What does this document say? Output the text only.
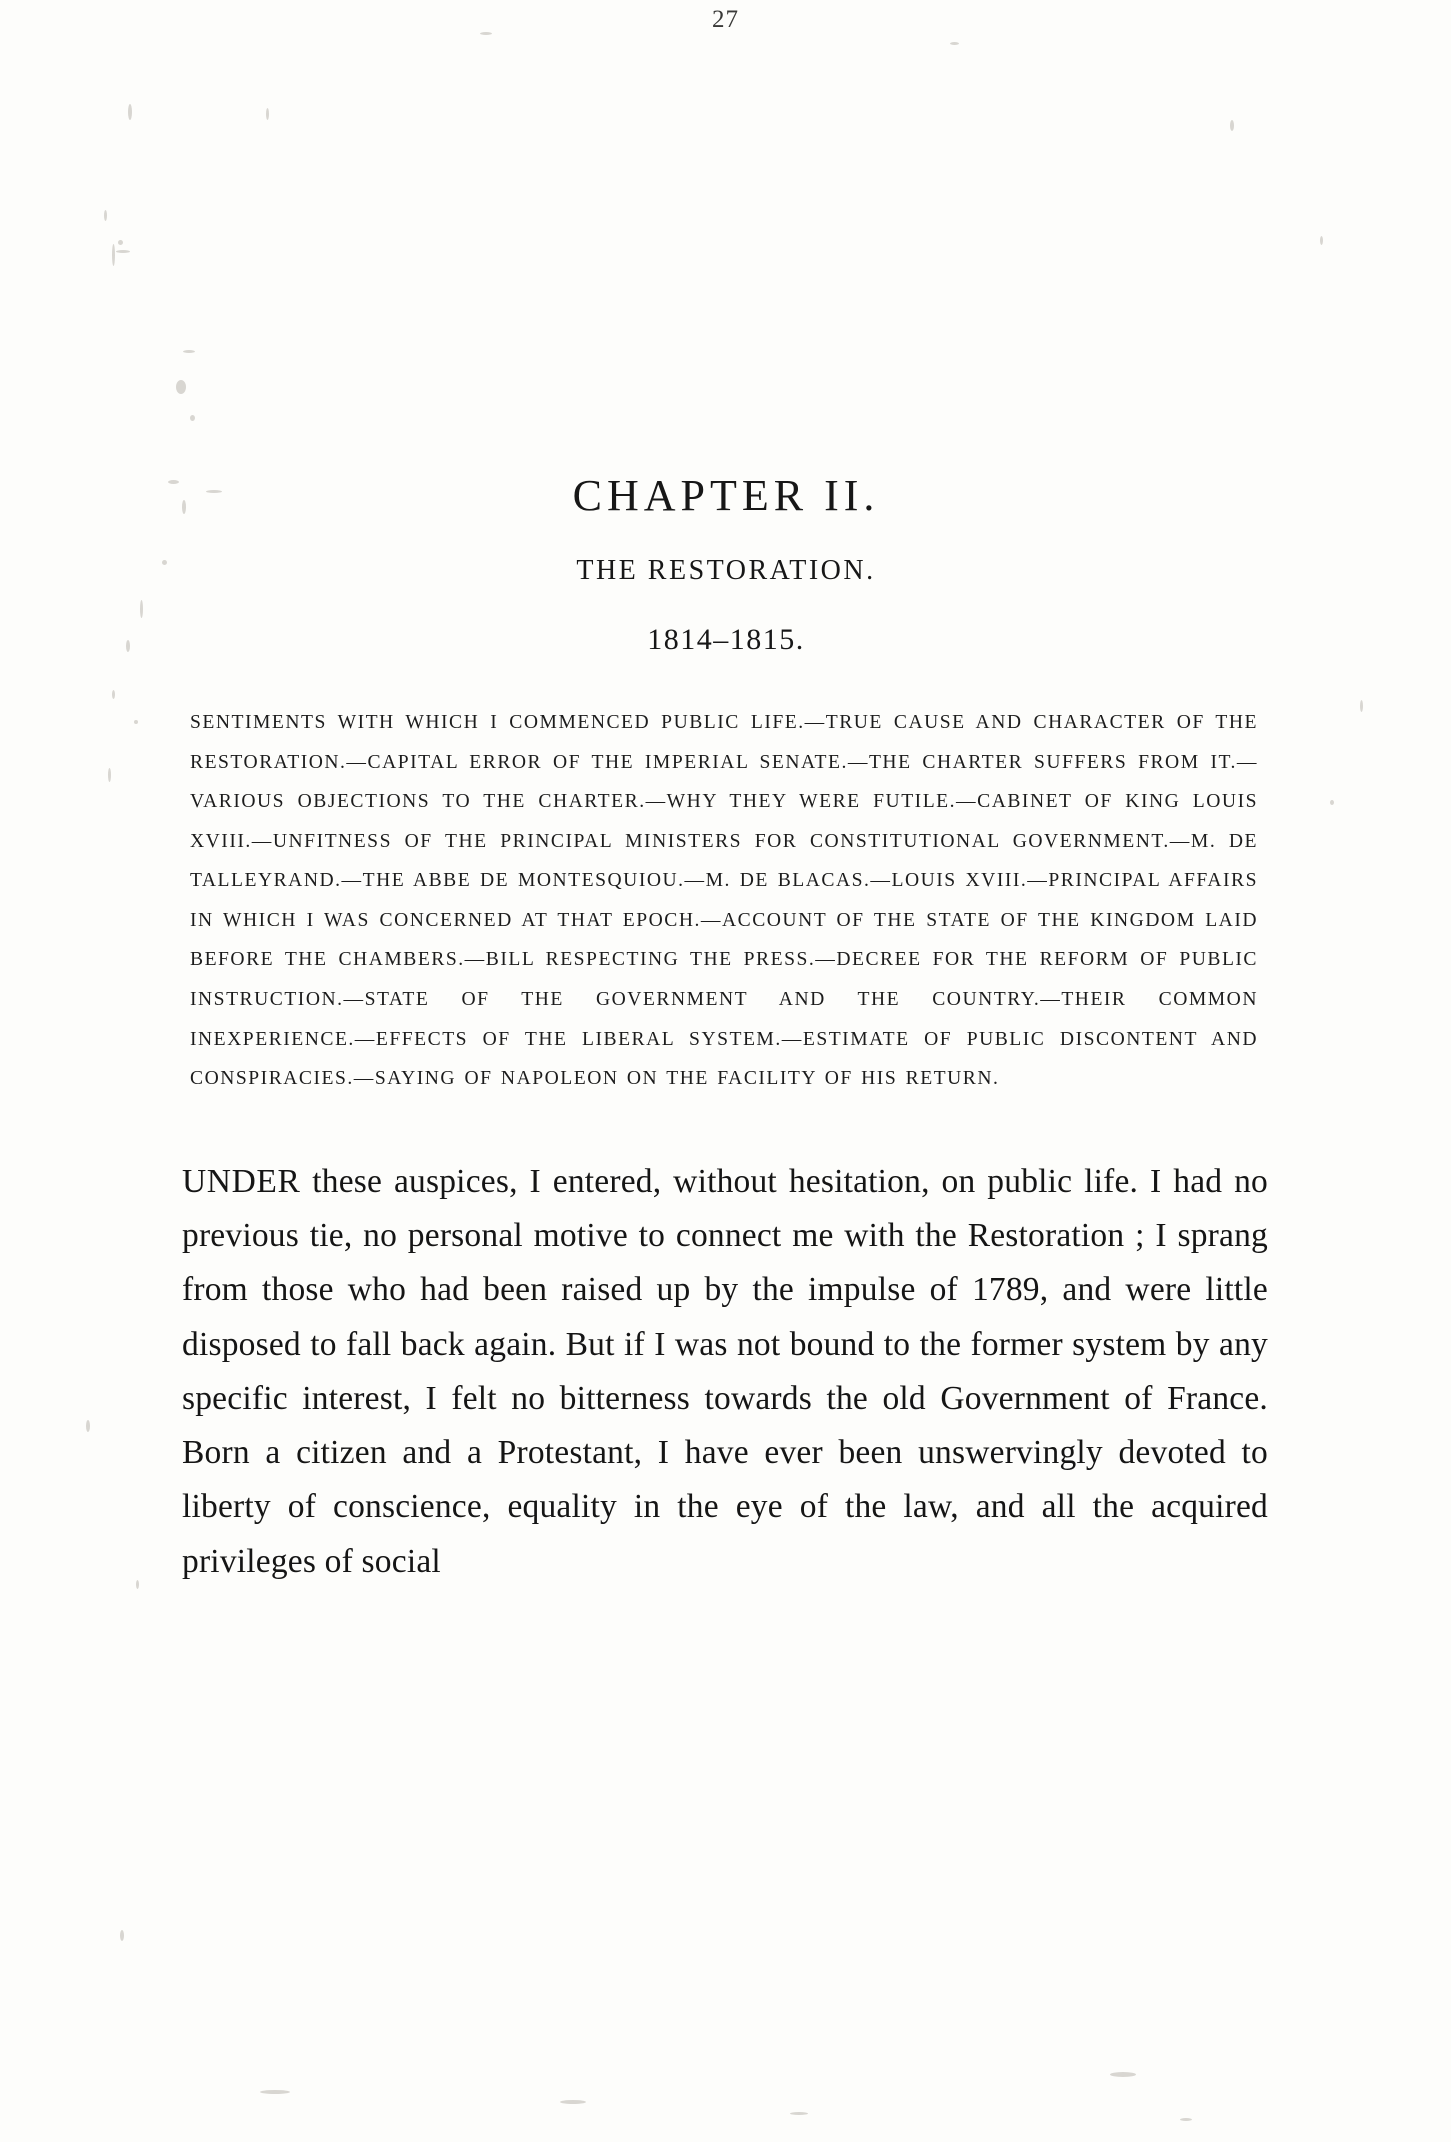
27
CHAPTER II.
THE RESTORATION.
1814–1815.
SENTIMENTS WITH WHICH I COMMENCED PUBLIC LIFE.—TRUE CAUSE AND CHARACTER OF THE RESTORATION.—CAPITAL ERROR OF THE IMPERIAL SENATE.—THE CHARTER SUFFERS FROM IT.—VARIOUS OBJECTIONS TO THE CHARTER.—WHY THEY WERE FUTILE.—CABINET OF KING LOUIS XVIII.—UNFITNESS OF THE PRINCIPAL MINISTERS FOR CONSTITUTIONAL GOVERNMENT.—M. DE TALLEYRAND.—THE ABBE DE MONTESQUIOU.—M. DE BLACAS.—LOUIS XVIII.—PRINCIPAL AFFAIRS IN WHICH I WAS CONCERNED AT THAT EPOCH.—ACCOUNT OF THE STATE OF THE KINGDOM LAID BEFORE THE CHAMBERS.—BILL RESPECTING THE PRESS.—DECREE FOR THE REFORM OF PUBLIC INSTRUCTION.—STATE OF THE GOVERNMENT AND THE COUNTRY.—THEIR COMMON INEXPERIENCE.—EFFECTS OF THE LIBERAL SYSTEM.—ESTIMATE OF PUBLIC DISCONTENT AND CONSPIRACIES.—SAYING OF NAPOLEON ON THE FACILITY OF HIS RETURN.

UNDER these auspices, I entered, without hesitation, on public life. I had no previous tie, no personal motive to connect me with the Restoration ; I sprang from those who had been raised up by the impulse of 1789, and were little disposed to fall back again. But if I was not bound to the former system by any specific interest, I felt no bitterness towards the old Government of France. Born a citizen and a Protestant, I have ever been unswervingly devoted to liberty of conscience, equality in the eye of the law, and all the acquired privileges of social
